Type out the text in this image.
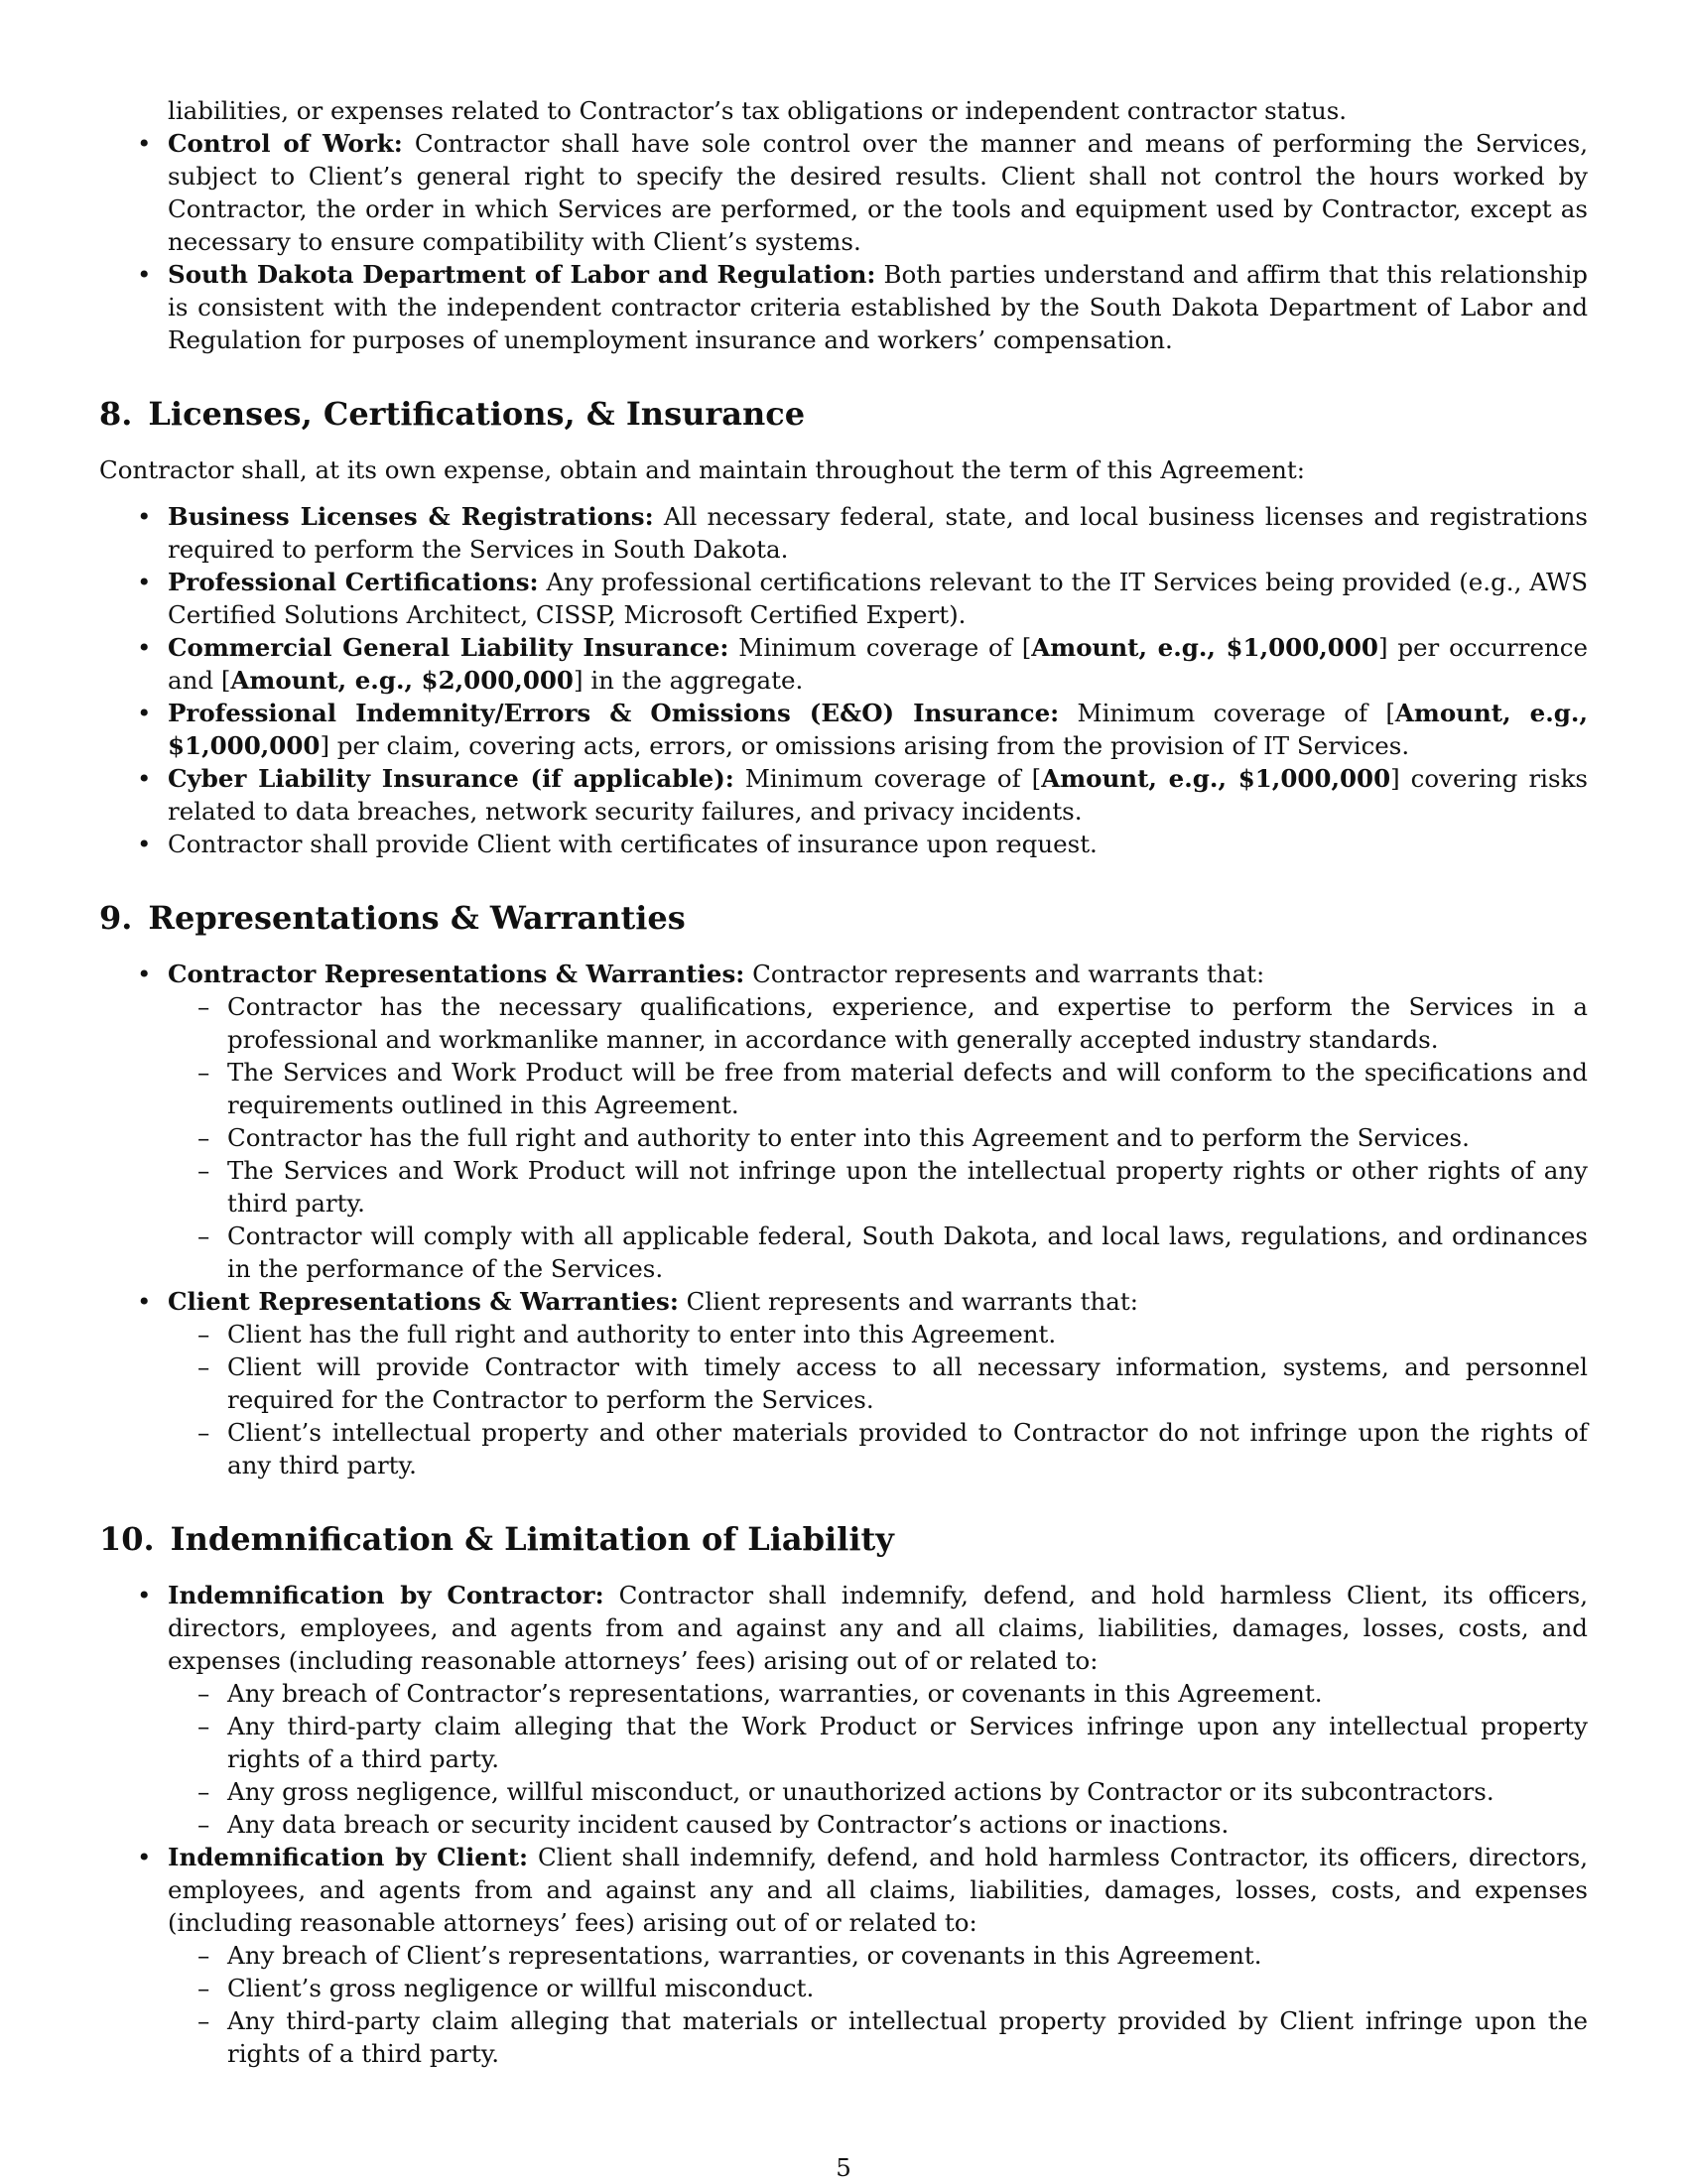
liabilities, or expenses related to Contractor’s tax obligations or independent contractor status.
• Control of Work: Contractor shall have sole control over the manner and means of performing the Services, subject to Client’s general right to specify the desired results. Client shall not control the hours worked by Contractor, the order in which Services are performed, or the tools and equipment used by Contractor, except as necessary to ensure compatibility with Client’s systems.
• South Dakota Department of Labor and Regulation: Both parties understand and affirm that this relationship is consistent with the independent contractor criteria established by the South Dakota Department of Labor and Regulation for purposes of unemployment insurance and workers’ compensation.
8. Licenses, Certifications, & Insurance

Contractor shall, at its own expense, obtain and maintain throughout the term of this Agreement:

• Business Licenses & Registrations: All necessary federal, state, and local business licenses and registrations required to perform the Services in South Dakota.
• Professional Certifications: Any professional certifications relevant to the IT Services being provided (e.g., AWS Certified Solutions Architect, CISSP, Microsoft Certified Expert).
• Commercial General Liability Insurance: Minimum coverage of [Amount, e.g., $1,000,000] per occurrence and [Amount, e.g., $2,000,000] in the aggregate.
• Professional Indemnity/Errors & Omissions (E&O) Insurance: Minimum coverage of [Amount, e.g., $1,000,000] per claim, covering acts, errors, or omissions arising from the provision of IT Services.
• Cyber Liability Insurance (if applicable): Minimum coverage of [Amount, e.g., $1,000,000] covering risks related to data breaches, network security failures, and privacy incidents.
• Contractor shall provide Client with certificates of insurance upon request.
9. Representations & Warranties
• Contractor Representations & Warranties: Contractor represents and warrants that:
– Contractor has the necessary qualifications, experience, and expertise to perform the Services in a professional and workmanlike manner, in accordance with generally accepted industry standards.
– The Services and Work Product will be free from material defects and will conform to the specifications and requirements outlined in this Agreement.
– Contractor has the full right and authority to enter into this Agreement and to perform the Services.
– The Services and Work Product will not infringe upon the intellectual property rights or other rights of any third party.
– Contractor will comply with all applicable federal, South Dakota, and local laws, regulations, and ordinances in the performance of the Services.
• Client Representations & Warranties: Client represents and warrants that:
– Client has the full right and authority to enter into this Agreement.
– Client will provide Contractor with timely access to all necessary information, systems, and personnel required for the Contractor to perform the Services.
– Client’s intellectual property and other materials provided to Contractor do not infringe upon the rights of any third party.
10. Indemnification & Limitation of Liability
• Indemnification by Contractor: Contractor shall indemnify, defend, and hold harmless Client, its officers, directors, employees, and agents from and against any and all claims, liabilities, damages, losses, costs, and expenses (including reasonable attorneys’ fees) arising out of or related to:
– Any breach of Contractor’s representations, warranties, or covenants in this Agreement.
– Any third-party claim alleging that the Work Product or Services infringe upon any intellectual property rights of a third party.
– Any gross negligence, willful misconduct, or unauthorized actions by Contractor or its subcontractors.
– Any data breach or security incident caused by Contractor’s actions or inactions.
• Indemnification by Client: Client shall indemnify, defend, and hold harmless Contractor, its officers, directors, employees, and agents from and against any and all claims, liabilities, damages, losses, costs, and expenses (including reasonable attorneys’ fees) arising out of or related to:
– Any breach of Client’s representations, warranties, or covenants in this Agreement.
– Client’s gross negligence or willful misconduct.
– Any third-party claim alleging that materials or intellectual property provided by Client infringe upon the rights of a third party.
5
